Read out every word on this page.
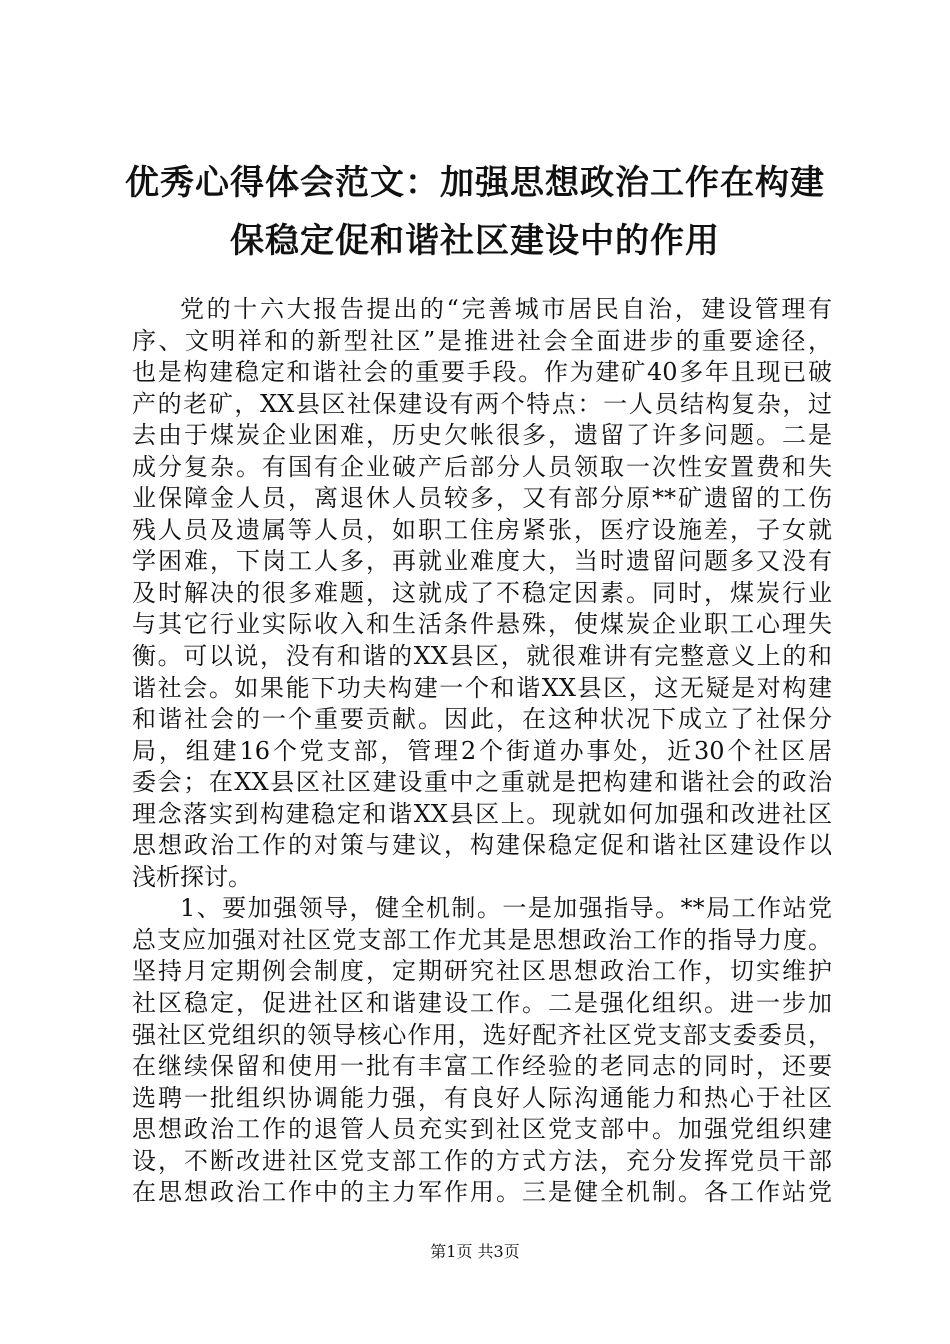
优秀心得体会范文：加强思想政治工作在构建
保稳定促和谐社区建设中的作用
党的十六大报告提出的“完善城市居民自治，建设管理有
序、文明祥和的新型社区”是推进社会全面进步的重要途径，
也是构建稳定和谐社会的重要手段。作为建矿40多年且现已破
产的老矿，XX县区社保建设有两个特点：一人员结构复杂，过
去由于煤炭企业困难，历史欠帐很多，遗留了许多问题。二是
成分复杂。有国有企业破产后部分人员领取一次性安置费和失
业保障金人员，离退休人员较多，又有部分原**矿遗留的工伤
残人员及遗属等人员，如职工住房紧张，医疗设施差，子女就
学困难，下岗工人多，再就业难度大，当时遗留问题多又没有
及时解决的很多难题，这就成了不稳定因素。同时，煤炭行业
与其它行业实际收入和生活条件悬殊，使煤炭企业职工心理失
衡。可以说，没有和谐的XX县区，就很难讲有完整意义上的和
谐社会。如果能下功夫构建一个和谐XX县区，这无疑是对构建
和谐社会的一个重要贡献。因此，在这种状况下成立了社保分
局，组建16个党支部，管理2个街道办事处，近30个社区居
委会；在XX县区社区建设重中之重就是把构建和谐社会的政治
理念落实到构建稳定和谐XX县区上。现就如何加强和改进社区
思想政治工作的对策与建议，构建保稳定促和谐社区建设作以
浅析探讨。
1、要加强领导，健全机制。一是加强指导。**局工作站党
总支应加强对社区党支部工作尤其是思想政治工作的指导力度。
坚持月定期例会制度，定期研究社区思想政治工作，切实维护
社区稳定，促进社区和谐建设工作。二是强化组织。进一步加
强社区党组织的领导核心作用，选好配齐社区党支部支委委员，
在继续保留和使用一批有丰富工作经验的老同志的同时，还要
选聘一批组织协调能力强，有良好人际沟通能力和热心于社区
思想政治工作的退管人员充实到社区党支部中。加强党组织建
设，不断改进社区党支部工作的方式方法，充分发挥党员干部
在思想政治工作中的主力军作用。三是健全机制。各工作站党
第1页 共3页
